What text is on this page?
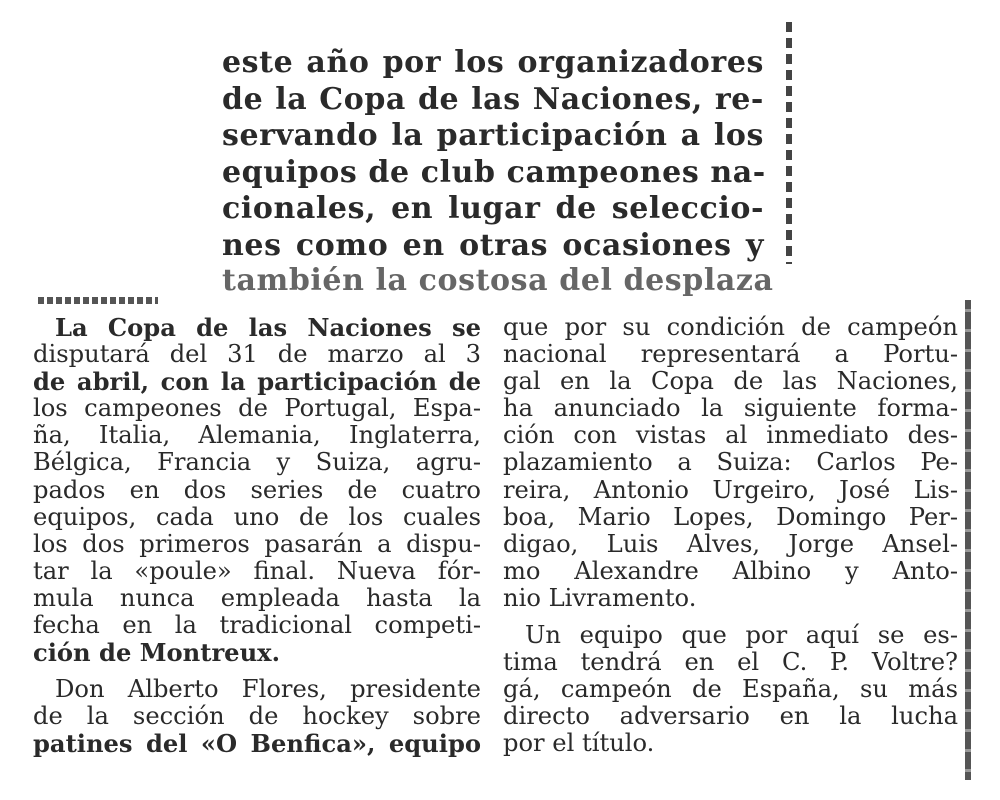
este año por los organizadores
de la Copa de las Naciones, re-
servando la participación a los
equipos de club campeones na-
cionales, en lugar de seleccio-
nes como en otras ocasiones y
también la costosa del desplaza
La Copa de las Naciones se
disputará del 31 de marzo al 3
de abril, con la participación de
los campeones de Portugal, Espa-
ña, Italia, Alemania, Inglaterra,
Bélgica, Francia y Suiza, agru-
pados en dos series de cuatro
equipos, cada uno de los cuales
los dos primeros pasarán a dispu-
tar la «poule» final. Nueva fór-
mula nunca empleada hasta la
fecha en la tradicional competi-
ción de Montreux.
Don Alberto Flores, presidente
de la sección de hockey sobre
patines del «O Benfica», equipo
que por su condición de campeón
nacional representará a Portu-
gal en la Copa de las Naciones,
ha anunciado la siguiente forma-
ción con vistas al inmediato des-
plazamiento a Suiza: Carlos Pe-
reira, Antonio Urgeiro, José Lis-
boa, Mario Lopes, Domingo Per-
digao, Luis Alves, Jorge Ansel-
mo Alexandre Albino y Anto-
nio Livramento.
Un equipo que por aquí se es-
tima tendrá en el C. P. Voltre?
gá, campeón de España, su más
directo adversario en la lucha
por el título.
